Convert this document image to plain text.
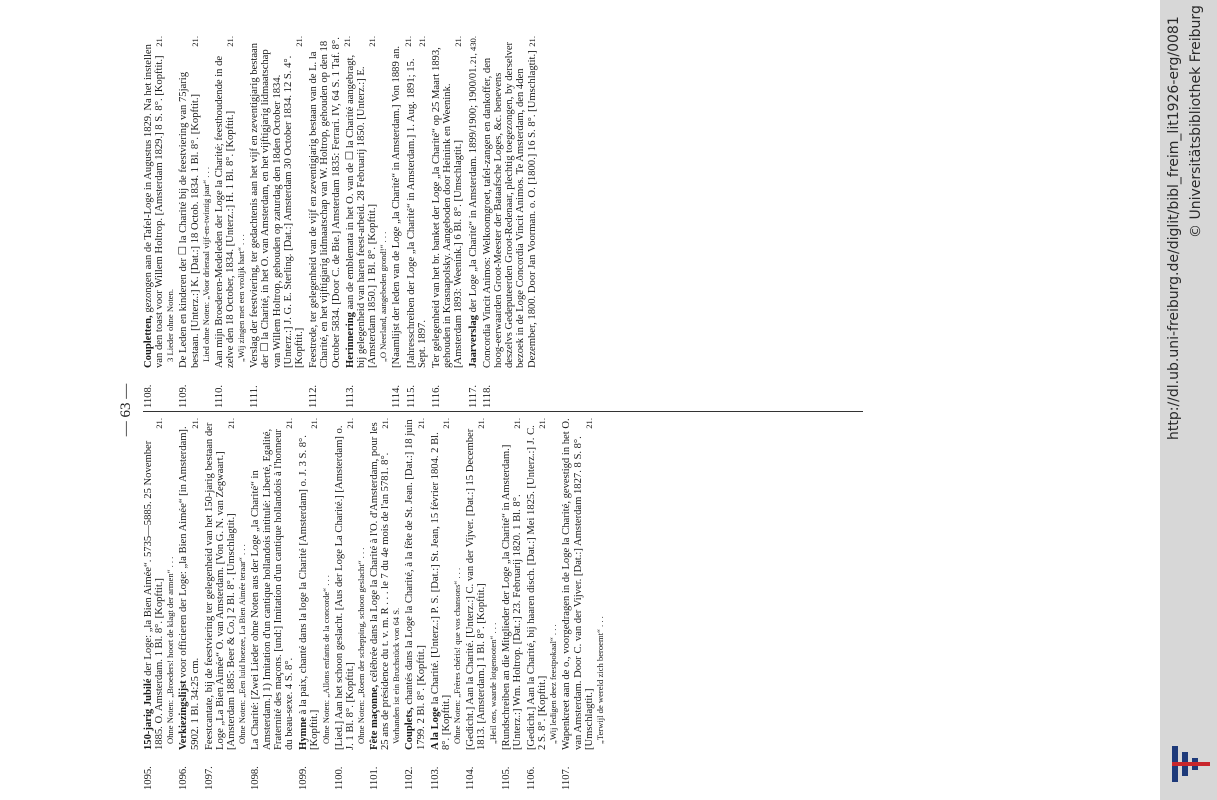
— 63 —
1095.
150-jarig Jubilé der Loge: „la Bien Aimée“. 5735—5885. 25 November 1885. O. Amsterdam. 1 Bl. 8°. [Kopftit.]
21.
Ohne Noten: „Broeders! hoort de klagt der armen“ . . .
1096.
Verkiezingslijst voor officieren der Loge: „la Bien Aimée“ [in Amsterdam]. 5902. 1 Bl. 34:25 cm.
21.
1097.
Feestcantate, bij de feestviering ter gelegenheid van het 150-jarig bestaan der Loge „La Bien Aimée“ O. van Amsterdam. [Von G. N. van Zegwaart.] [Amsterdam 1885: Beer & Co.] 2 Bl. 8°. [Umschlagtit.]
21.
Ohne Noten: „Een luid hoezee, La Bien Aimée teraar“ . . .
1098.
La Charité: [Zwei Lieder ohne Noten aus der Loge „la Charité“ in Amsterdam.] 1) Imitation d'un cantique hollandois intitulé: Liberté, Egalité, Fraternité des maçons. [und:] Imitation d'un cantique hollandois à l'honneur du beau-sexe. 4 S. 8°.
21.
1099.
Hymne à la paix, chanté dans la loge la Charité [Amsterdam] o. J. 3 S. 8°. [Kopftit.]
21.
Ohne Noten: „Allons enfants de la concorde“ . . .
1100.
[Lied.] Aan het schoon geslacht. [Aus der Loge La Charité.] [Amsterdam] o. J. 1 Bl. 8°. [Kopftit.]
21.
Ohne Noten: „Roem der schepping, schoon geslacht“ . . .
1101.
Fête maçonne, célébrée dans la Loge la Charité à l'O. d'Amsterdam, pour les 25 ans de présidence du t. v. m. R . . . le 7 du 4e mois de l'an 5781. 8°.
21.
Vorhanden ist ein Bruchstück von 64 S.
1102.
Couplets, chantés dans la Loge la Charité, à la fête de St. Jean. [Dat.:] 18 juin 1799. 2 Bl. 8°. [Kopftit.]
21.
1103.
A la Loge la Charité. [Unterz.:] P. S. [Dat.:] St. Jean, 15 février 1804. 2 Bl. 8°. [Kopftit.]
21.
Ohne Noten: „Frères chéris! que vos chansons“ . . .
1104.
[Gedicht.] Aan la Charité. [Unterz.:] C. van der Vijver. [Dat.:] 15 December 1813. [Amsterdam.] 1 Bl. 8°. [Kopftit.]
21.
„Heil ons, waarde lotgenooten“ . . .
1105.
[Rundschreiben an die Mitglieder der Loge „la Charité“ in Amsterdam.] [Unterz.:] Wm. Holtrop. [Dat.:] 23. Februarij 1820. 1 Bl. 8°.
21.
1106.
[Gedicht.] Aan la Charité, bij haaren disch. [Dat.:] Mei 1825. [Unterz.:] J. C. 2 S. 8°. [Kopftit.]
21.
„Wij ledigen deez feestpokaal“ . . .
1107.
Wapenkreet aan de o., voorgedragen in de Loge la Charité, gevestigd in het O. van Amsterdam. Door C. van der Vijver. [Dat.:] Amsterdam 1827. 8 S. 8°. [Umschlagtit.]
21.
„Terwijl de wereld zich beroemt“ . . .
1108.
Coupletten, gezongen aan de Tafel-Loge in Augustus 1829. Na het instellen van den toast voor Willem Holtrop. [Amsterdam 1829.] 8 S. 8°. [Kopftit.]
21.
3 Lieder ohne Noten.
1109.
De Leden en kinderen der ☐ la Charité bij de feestviering van 75jarig bestaan. [Unterz.:] K. [Dat.:] 18 Octob. 1834. 1 Bl. 8°. [Kopftit.]
21.
Lied ohne Noten: „Voor drieraal vijf-en-twintig jaar“ . . .
1110.
Aan mijn Broederen-Medeleden der Loge la Charité; feesthoudende in de zelve den 18 October, 1834. [Unterz.:] H. 1 Bl. 8°. [Kopftit.]
21.
„Wij zingen met een vrolijk hart“ . . .
1111.
Verslag der feestviering, ter gedachtenis aan het vijf en zeventigjarig bestaan der ☐ la Charité, in het O. van Amsterdam, en het vijftigjarig lidmaatschap van Willem Holtrop, gehouden op zaturdag den 18den October 1834. [Unterz.:] J. G. E. Sterling. [Dat.:] Amsterdam 30 October 1834. 12 S. 4°. [Kopftit.]
21.
1112.
Feestrede, ter gelegenheid van de vijf en zeventigjarig bestaan van de L. la Charité, en het vijftigjarig lidmaatschap van W. Holtrop, gehouden op den 18 October 5834. [Door C. de Bie.] Amsterdam 1835: Ferrari. IV, 64 S. 1 Taf. 8°. 21.
1113.
Herinnering aan de emblemata in het O. van de ☐ la Charité aangebragt, bij gelegenheid van haren feest-arbeid. 28 Februarij 1850. [Unterz.:] E. [Amsterdam 1850.] 1 Bl. 8°. [Kopftit.]
21.
„O Neerland, aangebeden grond!“ . . .
1114.
[Naamlijst der leden van de Loge „la Charité“ in Amsterdam.] Von 1889 an.
21.
1115.
[Jahresschreiben der Loge „la Charité“ in Amsterdam.] 1. Aug. 1891; 15. Sept. 1897.
21.
1116.
Ter gelegenheid van het br. banket der Loge „la Charité“ op 25 Maart 1893, gehouden in Krasnapolsky. Aangeboden door Heinink en Weenink. [Amsterdam 1893: Weenink.] 6 Bl. 8°. [Umschlagtit.]
21.
1117.
Jaarverslag der Loge „la Charité“ in Amsterdam. 1899/1900; 1900/01.
21, 430.
1118.
Concordia Vincit Animos: Welkoomgroet, tafel-zangen en dankoffer, den hoog-eerwaarden Groot-Meester der Bataafsche Loges, &c. benevens deszelvs Gedeputeerden Groot-Redenaar, plechtig toegezongen, by derselver bezoek in de Loge Concordia Vincit Animos. Te Amsterdam, den 4den Dezember, 1800. Door Jan Voorman. o. O. [1800.] 16 S. 8°. [Umschlagtit.]
21.	http://dl.ub.uni-freiburg.de/diglit/bibl_freim_lit1926-erg/0081 © Universitätsbibliothek Freiburg
